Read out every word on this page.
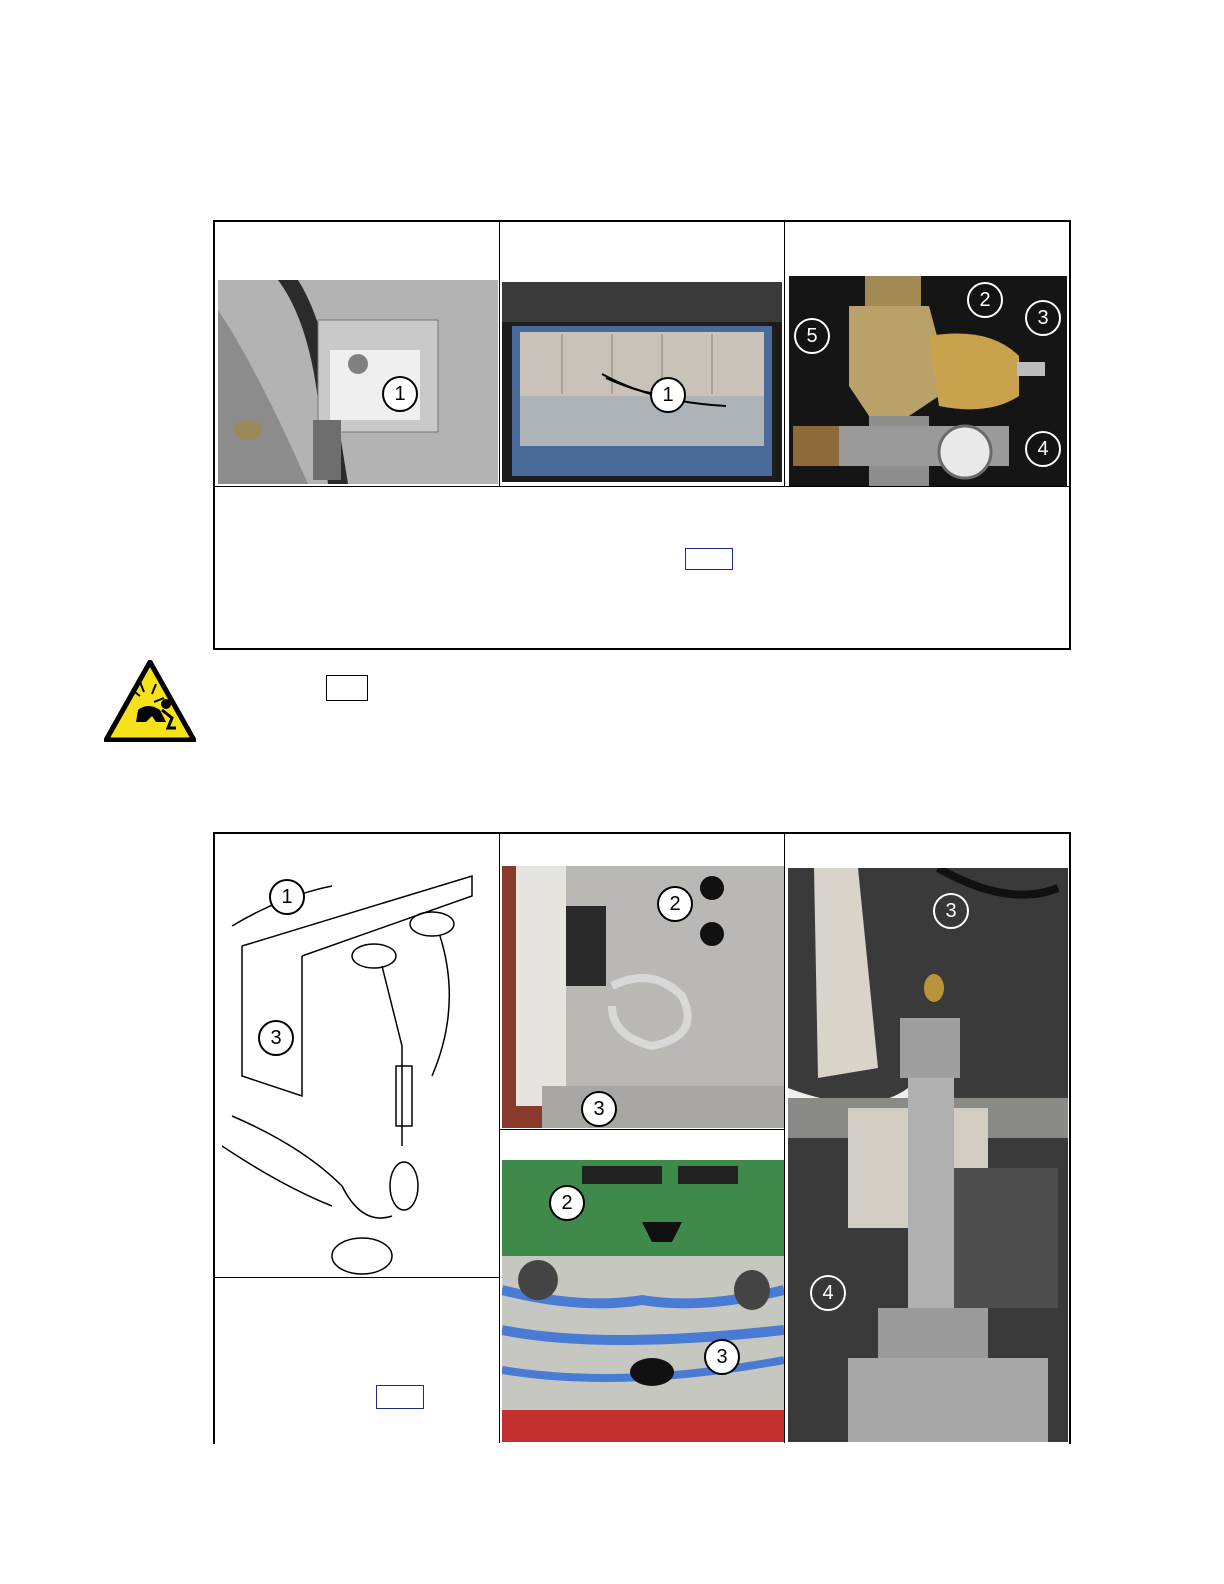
1	1
2
3
5
4
1
3
2
3
2
3
3
4
